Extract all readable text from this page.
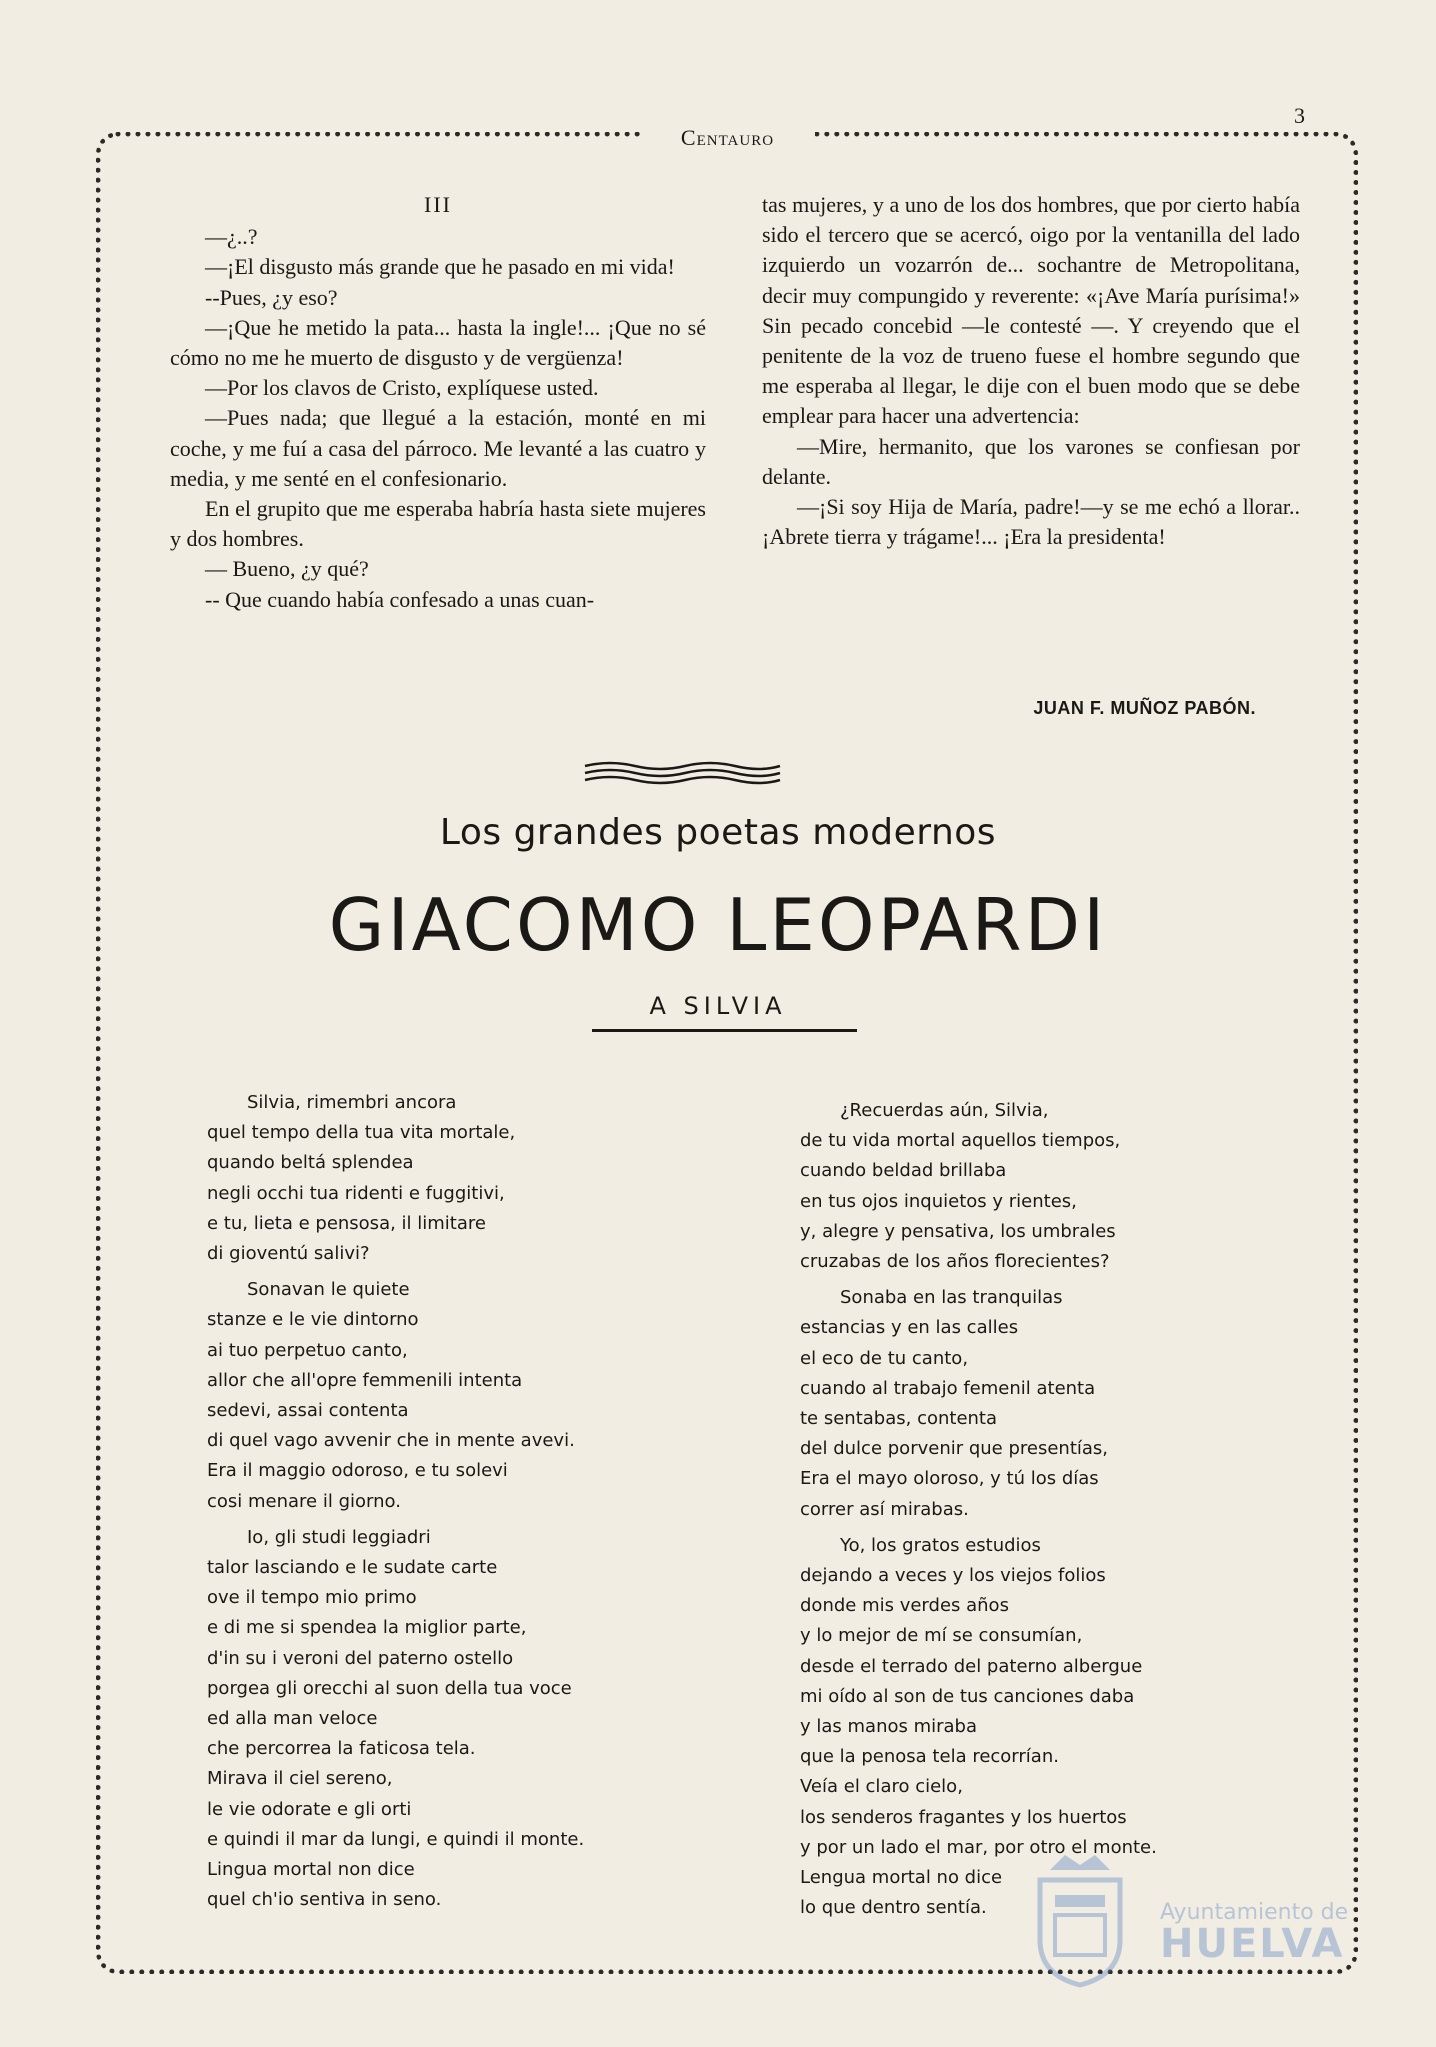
Centauro
3

III

—¿..?

—¡El disgusto más grande que he pasado en mi vida!

--Pues, ¿y eso?

—¡Que he metido la pata... hasta la ingle!... ¡Que no sé cómo no me he muerto de disgusto y de vergüenza!

—Por los clavos de Cristo, explíquese usted.

—Pues nada; que llegué a la estación, monté en mi coche, y me fuí a casa del párroco. Me levanté a las cuatro y media, y me senté en el confesionario.

En el grupito que me esperaba habría hasta siete mujeres y dos hombres.

— Bueno, ¿y qué?

-- Que cuando había confesado a unas cuan-

tas mujeres, y a uno de los dos hombres, que por cierto había sido el tercero que se acercó, oigo por la ventanilla del lado izquierdo un vozarrón de... sochantre de Metropolitana, decir muy compungido y reverente: «¡Ave María purísima!» Sin pecado concebid —le contesté —. Y creyendo que el penitente de la voz de trueno fuese el hombre segundo que me esperaba al llegar, le dije con el buen modo que se debe emplear para hacer una advertencia:

—Mire, hermanito, que los varones se confiesan por delante.

—¡Si soy Hija de María, padre!—y se me echó a llorar.. ¡Abrete tierra y trágame!... ¡Era la presidenta!

JUAN F. MUÑOZ PABÓN.
Los grandes poetas modernos
GIACOMO LEOPARDI
A SILVIA
Silvia, rimembri ancora
quel tempo della tua vita mortale,
quando beltá splendea
negli occhi tua ridenti e fuggitivi,
e tu, lieta e pensosa, il limitare
di gioventú salivi?
Sonavan le quiete
stanze e le vie dintorno
ai tuo perpetuo canto,
allor che all'opre femmenili intenta
sedevi, assai contenta
di quel vago avvenir che in mente avevi.
Era il maggio odoroso, e tu solevi
cosi menare il giorno.
Io, gli studi leggiadri
talor lasciando e le sudate carte
ove il tempo mio primo
e di me si spendea la miglior parte,
d'in su i veroni del paterno ostello
porgea gli orecchi al suon della tua voce
ed alla man veloce
che percorrea la faticosa tela.
Mirava il ciel sereno,
le vie odorate e gli orti
e quindi il mar da lungi, e quindi il monte.
Lingua mortal non dice
quel ch'io sentiva in seno.
¿Recuerdas aún, Silvia,
de tu vida mortal aquellos tiempos,
cuando beldad brillaba
en tus ojos inquietos y rientes,
y, alegre y pensativa, los umbrales
cruzabas de los años florecientes?
Sonaba en las tranquilas
estancias y en las calles
el eco de tu canto,
cuando al trabajo femenil atenta
te sentabas, contenta
del dulce porvenir que presentías,
Era el mayo oloroso, y tú los días
correr así mirabas.
Yo, los gratos estudios
dejando a veces y los viejos folios
donde mis verdes años
y lo mejor de mí se consumían,
desde el terrado del paterno albergue
mi oído al son de tus canciones daba
y las manos miraba
que la penosa tela recorrían.
Veía el claro cielo,
los senderos fragantes y los huertos
y por un lado el mar, por otro el monte.
Lengua mortal no dice
lo que dentro sentía.	Ayuntamiento de
HUELVA
